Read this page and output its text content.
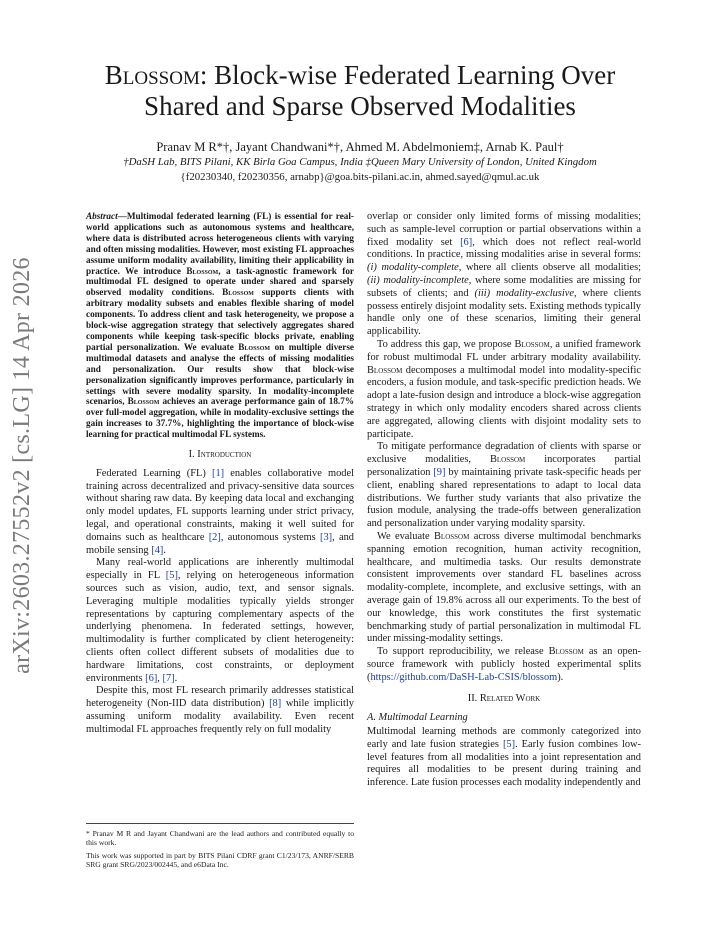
arXiv:2603.27552v2 [cs.LG] 14 Apr 2026
Blossom: Block-wise Federated Learning Over
Shared and Sparse Observed Modalities
Pranav M R*†, Jayant Chandwani*†, Ahmed M. Abdelmoniem‡, Arnab K. Paul†
†DaSH Lab, BITS Pilani, KK Birla Goa Campus, India ‡Queen Mary University of London, United Kingdom
{f20230340, f20230356, arnabp}@goa.bits-pilani.ac.in, ahmed.sayed@qmul.ac.uk
Abstract—Multimodal federated learning (FL) is essential for real-world applications such as autonomous systems and healthcare, where data is distributed across heterogeneous clients with varying and often missing modalities. However, most existing FL approaches assume uniform modality availability, limiting their applicability in practice. We introduce Blossom, a task-agnostic framework for multimodal FL designed to operate under shared and sparsely observed modality conditions. Blossom supports clients with arbitrary modality subsets and enables flexible sharing of model components. To address client and task heterogeneity, we propose a block-wise aggregation strategy that selectively aggregates shared components while keeping task-specific blocks private, enabling partial personalization. We evaluate Blossom on multiple diverse multimodal datasets and analyse the effects of missing modalities and personalization. Our results show that block-wise personalization significantly improves performance, particularly in settings with severe modality sparsity. In modality-incomplete scenarios, Blossom achieves an average performance gain of 18.7% over full-model aggregation, while in modality-exclusive settings the gain increases to 37.7%, highlighting the importance of block-wise learning for practical multimodal FL systems.
I. Introduction

Federated Learning (FL) [1] enables collaborative model training across decentralized and privacy-sensitive data sources without sharing raw data. By keeping data local and exchanging only model updates, FL supports learning under strict privacy, legal, and operational constraints, making it well suited for domains such as healthcare [2], autonomous systems [3], and mobile sensing [4].

Many real-world applications are inherently multimodal especially in FL [5], relying on heterogeneous information sources such as vision, audio, text, and sensor signals. Leveraging multiple modalities typically yields stronger representations by capturing complementary aspects of the underlying phenomena. In federated settings, however, multimodality is further complicated by client heterogeneity: clients often collect different subsets of modalities due to hardware limitations, cost constraints, or deployment environments [6], [7].

Despite this, most FL research primarily addresses statistical heterogeneity (Non-IID data distribution) [8] while implicitly assuming uniform modality availability. Even recent multimodal FL approaches frequently rely on full modality

* Pranav M R and Jayant Chandwani are the lead authors and contributed equally to this work.

This work was supported in part by BITS Pilani CDRF grant C1/23/173, ANRF/SERB SRG grant SRG/2023/002445, and e6Data Inc.

overlap or consider only limited forms of missing modalities; such as sample-level corruption or partial observations within a fixed modality set [6], which does not reflect real-world conditions. In practice, missing modalities arise in several forms: (i) modality-complete, where all clients observe all modalities; (ii) modality-incomplete, where some modalities are missing for subsets of clients; and (iii) modality-exclusive, where clients possess entirely disjoint modality sets. Existing methods typically handle only one of these scenarios, limiting their general applicability.

To address this gap, we propose Blossom, a unified framework for robust multimodal FL under arbitrary modality availability. Blossom decomposes a multimodal model into modality-specific encoders, a fusion module, and task-specific prediction heads. We adopt a late-fusion design and introduce a block-wise aggregation strategy in which only modality encoders shared across clients are aggregated, allowing clients with disjoint modality sets to participate.

To mitigate performance degradation of clients with sparse or exclusive modalities, Blossom incorporates partial personalization [9] by maintaining private task-specific heads per client, enabling shared representations to adapt to local data distributions. We further study variants that also privatize the fusion module, analysing the trade-offs between generalization and personalization under varying modality sparsity.

We evaluate Blossom across diverse multimodal benchmarks spanning emotion recognition, human activity recognition, healthcare, and multimedia tasks. Our results demonstrate consistent improvements over standard FL baselines across modality-complete, incomplete, and exclusive settings, with an average gain of 19.8% across all our experiments. To the best of our knowledge, this work constitutes the first systematic benchmarking study of partial personalization in multimodal FL under missing-modality settings.

To support reproducibility, we release Blossom as an open-source framework with publicly hosted experimental splits (https://github.com/DaSH-Lab-CSIS/blossom).

II. Related Work
A. Multimodal Learning

Multimodal learning methods are commonly categorized into early and late fusion strategies [5]. Early fusion combines low-level features from all modalities into a joint representation and requires all modalities to be present during training and inference. Late fusion processes each modality independently and
